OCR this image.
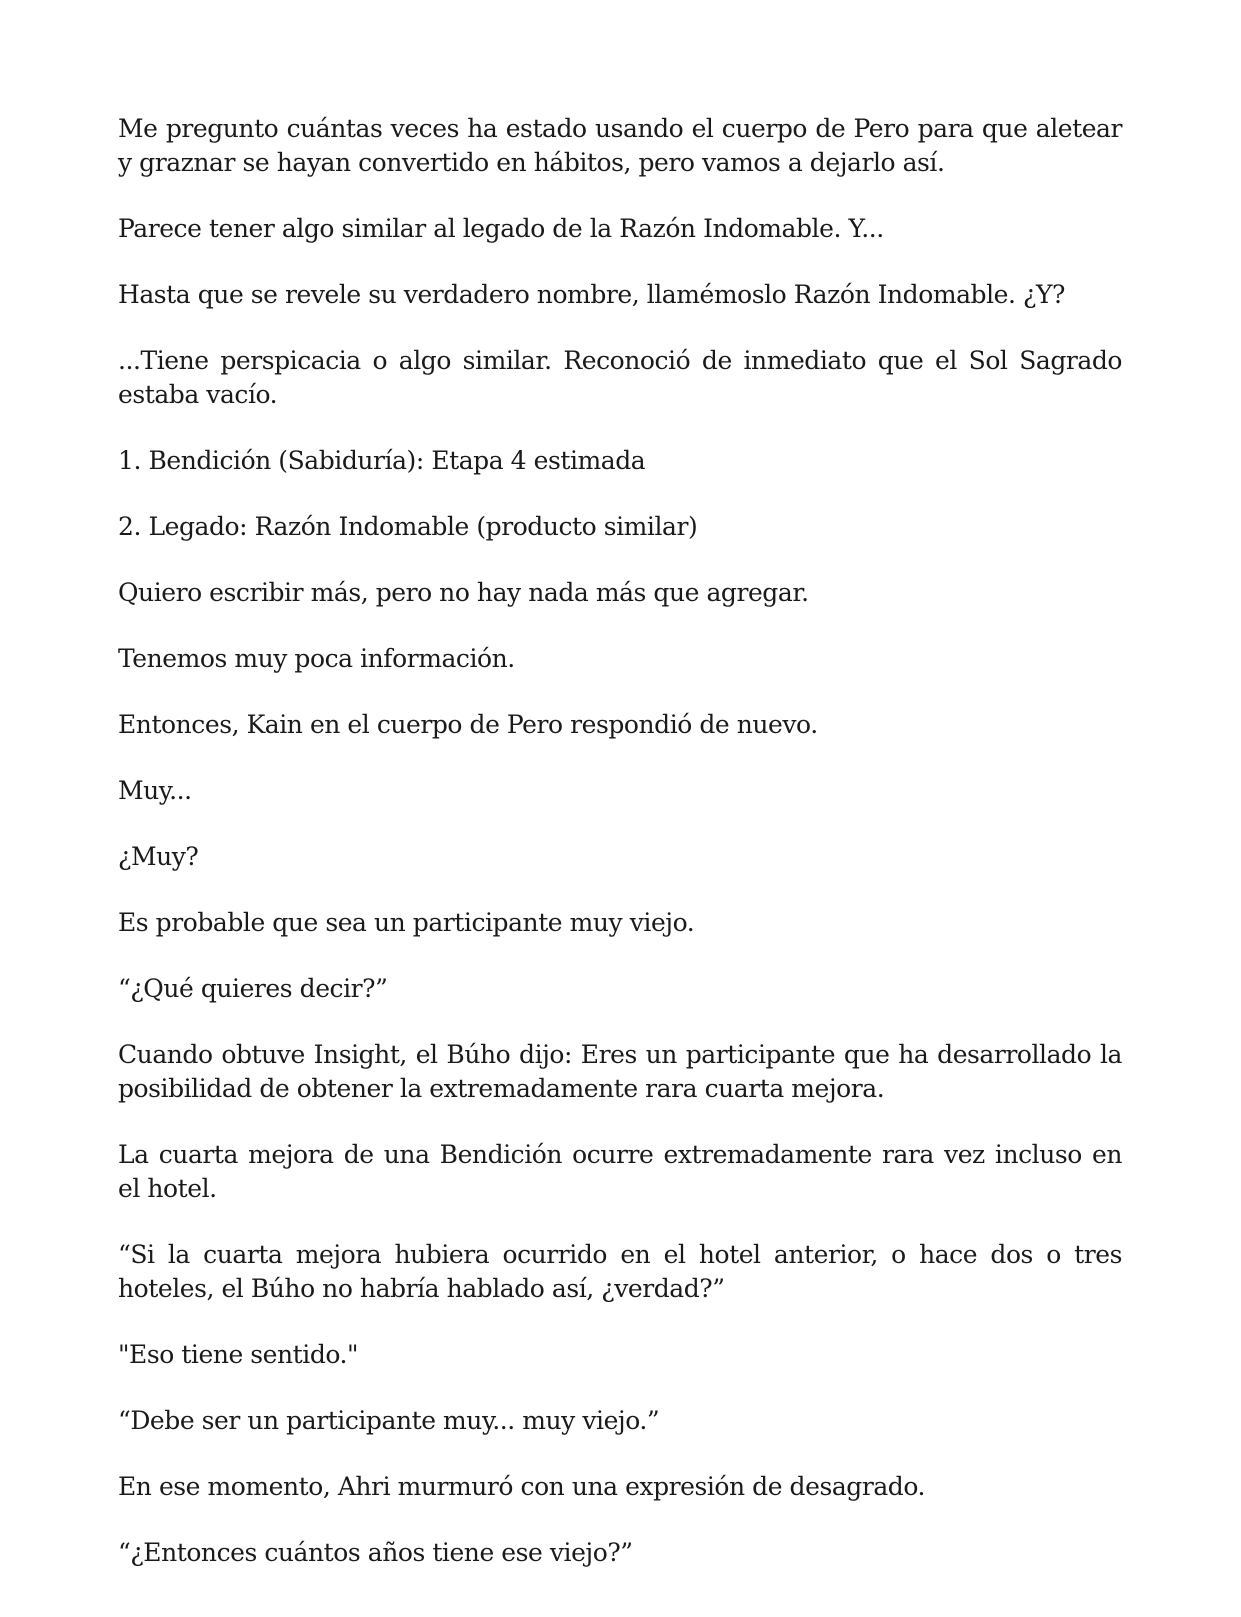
Me pregunto cuántas veces ha estado usando el cuerpo de Pero para que aletear y graznar se hayan convertido en hábitos, pero vamos a dejarlo así.

Parece tener algo similar al legado de la Razón Indomable. Y...

Hasta que se revele su verdadero nombre, llamémoslo Razón Indomable. ¿Y?

...Tiene perspicacia o algo similar. Reconoció de inmediato que el Sol Sagrado estaba vacío.

1. Bendición (Sabiduría): Etapa 4 estimada

2. Legado: Razón Indomable (producto similar)

Quiero escribir más, pero no hay nada más que agregar.

Tenemos muy poca información.

Entonces, Kain en el cuerpo de Pero respondió de nuevo.

Muy...

¿Muy?

Es probable que sea un participante muy viejo.

“¿Qué quieres decir?”

Cuando obtuve Insight, el Búho dijo: Eres un participante que ha desarrollado la posibilidad de obtener la extremadamente rara cuarta mejora.

La cuarta mejora de una Bendición ocurre extremadamente rara vez incluso en el hotel.

“Si la cuarta mejora hubiera ocurrido en el hotel anterior, o hace dos o tres hoteles, el Búho no habría hablado así, ¿verdad?”

"Eso tiene sentido."

“Debe ser un participante muy... muy viejo.”

En ese momento, Ahri murmuró con una expresión de desagrado.

“¿Entonces cuántos años tiene ese viejo?”
